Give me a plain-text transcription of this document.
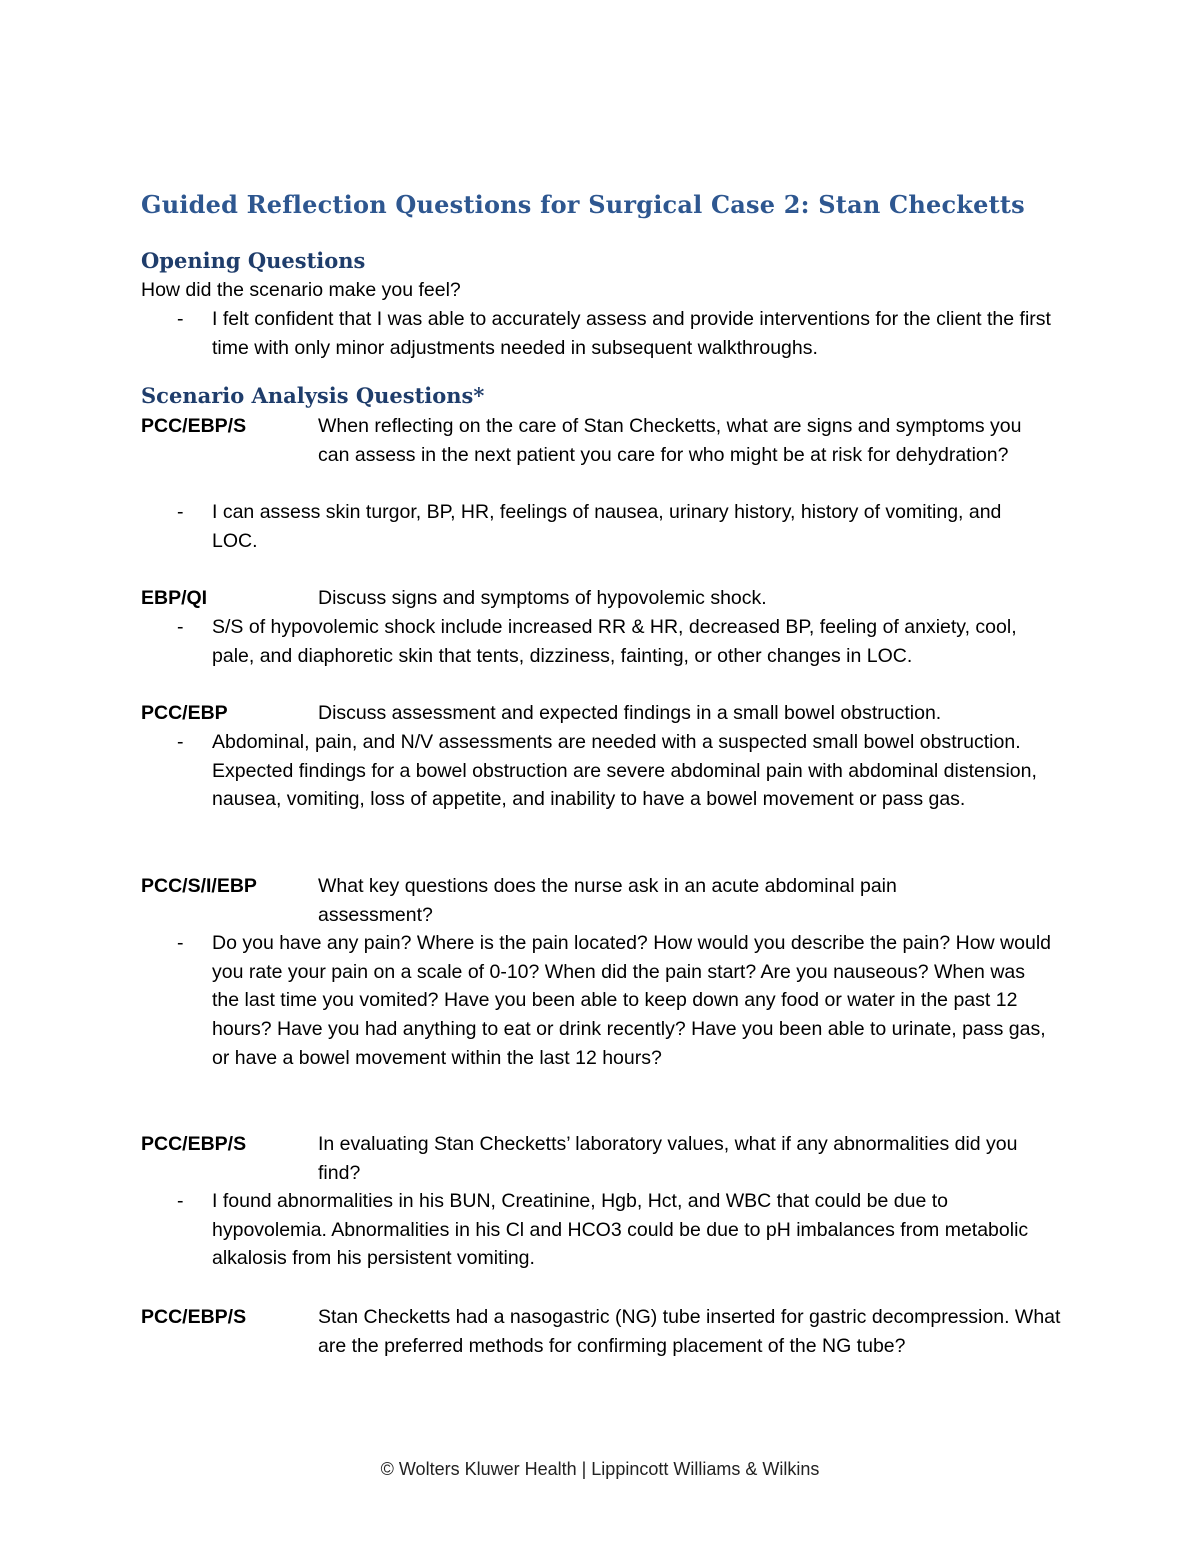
Guided Reflection Questions for Surgical Case 2: Stan Checketts
Opening Questions
How did the scenario make you feel?
- I felt confident that I was able to accurately assess and provide interventions for the client the first time with only minor adjustments needed in subsequent walkthroughs.
Scenario Analysis Questions*
PCC/EBP/S	When reflecting on the care of Stan Checketts, what are signs and symptoms you can assess in the next patient you care for who might be at risk for dehydration?
- I can assess skin turgor, BP, HR, feelings of nausea, urinary history, history of vomiting, and LOC.
EBP/QI	Discuss signs and symptoms of hypovolemic shock.
- S/S of hypovolemic shock include increased RR & HR, decreased BP, feeling of anxiety, cool, pale, and diaphoretic skin that tents, dizziness, fainting, or other changes in LOC.
PCC/EBP	Discuss assessment and expected findings in a small bowel obstruction.
- Abdominal, pain, and N/V assessments are needed with a suspected small bowel obstruction. Expected findings for a bowel obstruction are severe abdominal pain with abdominal distension, nausea, vomiting, loss of appetite, and inability to have a bowel movement or pass gas.
PCC/S/I/EBP	What key questions does the nurse ask in an acute abdominal pain assessment?
- Do you have any pain? Where is the pain located? How would you describe the pain? How would you rate your pain on a scale of 0-10? When did the pain start? Are you nauseous? When was the last time you vomited? Have you been able to keep down any food or water in the past 12 hours? Have you had anything to eat or drink recently? Have you been able to urinate, pass gas, or have a bowel movement within the last 12 hours?
PCC/EBP/S	In evaluating Stan Checketts’ laboratory values, what if any abnormalities did you find?
- I found abnormalities in his BUN, Creatinine, Hgb, Hct, and WBC that could be due to hypovolemia. Abnormalities in his Cl and HCO3 could be due to pH imbalances from metabolic alkalosis from his persistent vomiting.
PCC/EBP/S	Stan Checketts had a nasogastric (NG) tube inserted for gastric decompression. What are the preferred methods for confirming placement of the NG tube?
© Wolters Kluwer Health | Lippincott Williams & Wilkins
